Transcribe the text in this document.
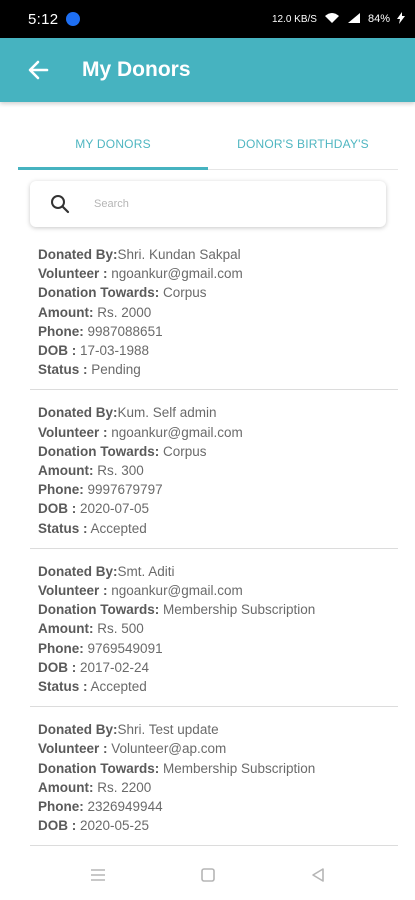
5:12	12.0 KB/S	84%
My Donors
MY DONORS	DONOR'S BIRTHDAY'S
Search
Donated By:Shri. Kundan Sakpal
Volunteer : ngoankur@gmail.com
Donation Towards: Corpus
Amount: Rs. 2000
Phone: 9987088651
DOB : 17-03-1988
Status : Pending
Donated By:Kum. Self admin
Volunteer : ngoankur@gmail.com
Donation Towards: Corpus
Amount: Rs. 300
Phone: 9997679797
DOB : 2020-07-05
Status : Accepted
Donated By:Smt. Aditi
Volunteer : ngoankur@gmail.com
Donation Towards: Membership Subscription
Amount: Rs. 500
Phone: 9769549091
DOB : 2017-02-24
Status : Accepted
Donated By:Shri. Test update
Volunteer : Volunteer@ap.com
Donation Towards: Membership Subscription
Amount: Rs. 2200
Phone: 2326949944
DOB : 2020-05-25
